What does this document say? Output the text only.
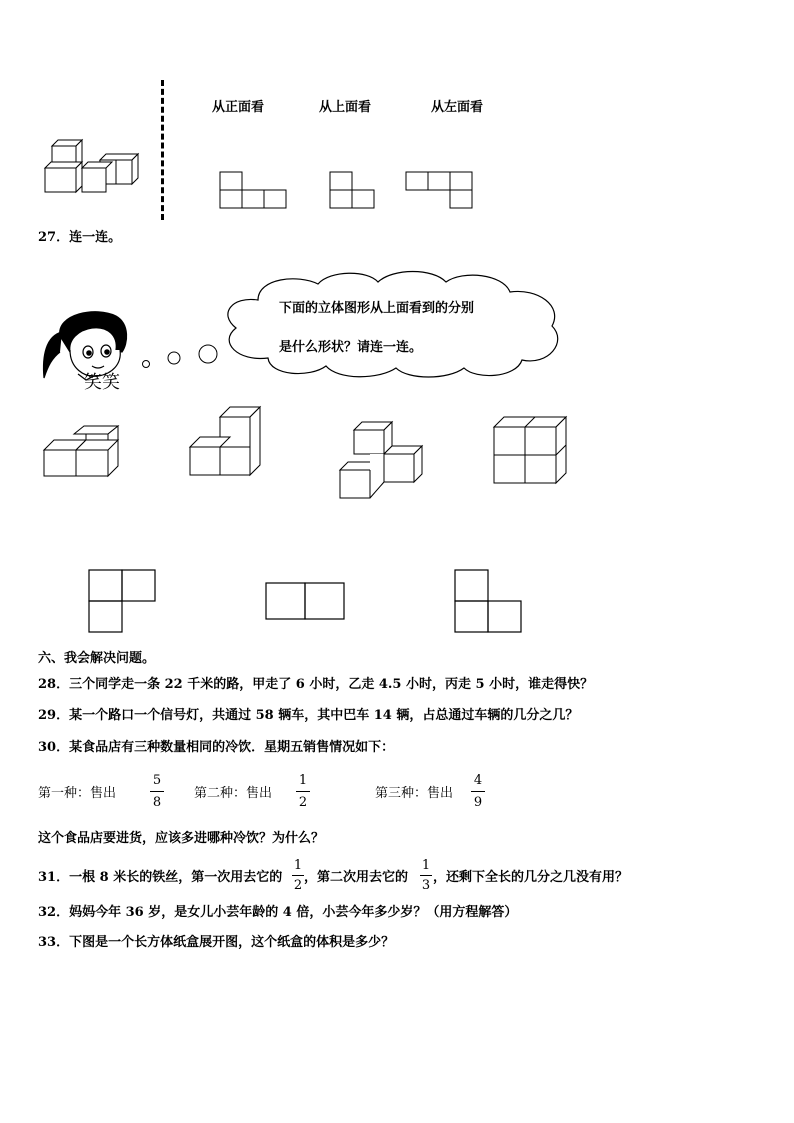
从正面看	从上面看	从左面看
27．连一连。
笑笑
下面的立体图形从上面看到的分别
是什么形状？请连一连。
六、我会解决问题。
28．三个同学走一条 22 千米的路，甲走了 6 小时，乙走 4.5 小时，丙走 5 小时，谁走得快？
29．某一个路口一个信号灯，共通过 58 辆车，其中巴车 14 辆，占总通过车辆的几分之几？
30．某食品店有三种数量相同的冷饮．星期五销售情况如下：
第一种：售出
5
8
第二种：售出
1
2
第三种：售出
4
9
这个食品店要进货，应该多进哪种冷饮？为什么？
31．一根 8 米长的铁丝，第一次用去它的
1
2
，第二次用去它的
1
3
，还剩下全长的几分之几没有用？
32．妈妈今年 36 岁，是女儿小芸年龄的 4 倍，小芸今年多少岁？（用方程解答）
33．下图是一个长方体纸盒展开图，这个纸盒的体积是多少？
